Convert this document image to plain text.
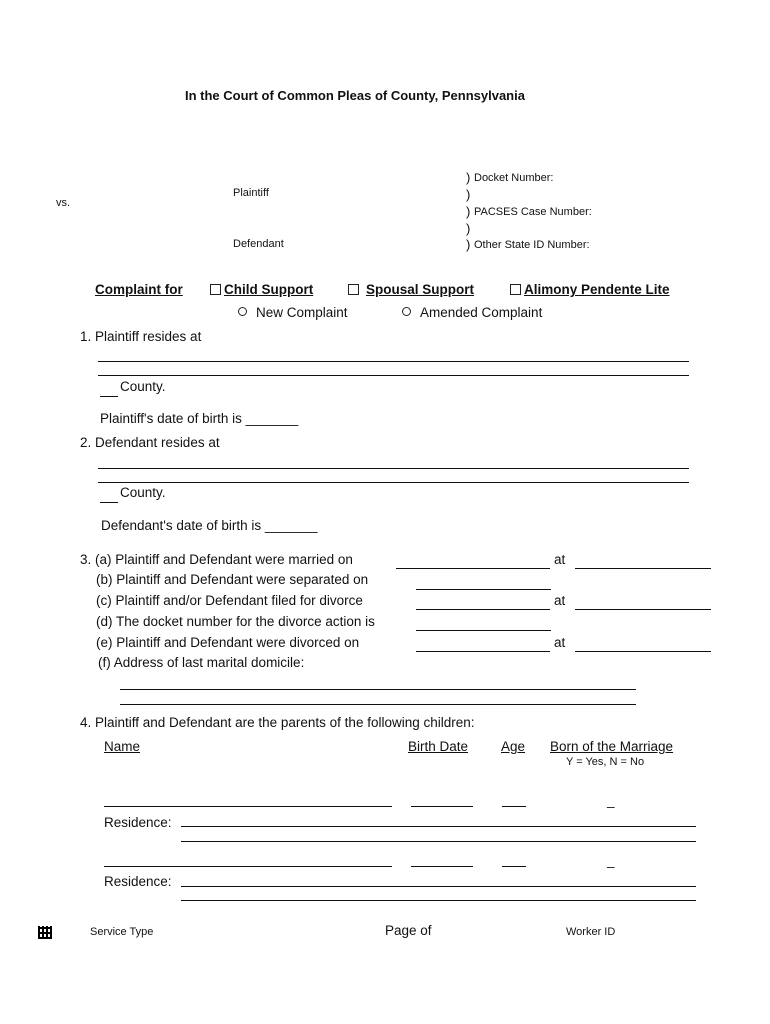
In the Court of Common Pleas of County, Pennsylvania
vs.
Plaintiff
Defendant
) Docket Number:
)
) PACSES Case Number:
)
) Other State ID Number:
Complaint for	Child Support	Spousal Support	Alimony Pendente Lite
New Complaint	Amended Complaint
1. Plaintiff resides at
County.
Plaintiff's date of birth is _______
2. Defendant resides at
County.
Defendant's date of birth is _______
3. (a) Plaintiff and Defendant were married on	at
(b) Plaintiff and Defendant were separated on
(c) Plaintiff and/or Defendant filed for divorce	at
(d) The docket number for the divorce action is
(e) Plaintiff and Defendant were divorced on	at
(f) Address of last marital domicile:
4. Plaintiff and Defendant are the parents of the following children:
Name	Birth Date Age Born of the Marriage
Y = Yes, N = No
_
Residence:
_
Residence:
Service Type	Page of	Worker ID
